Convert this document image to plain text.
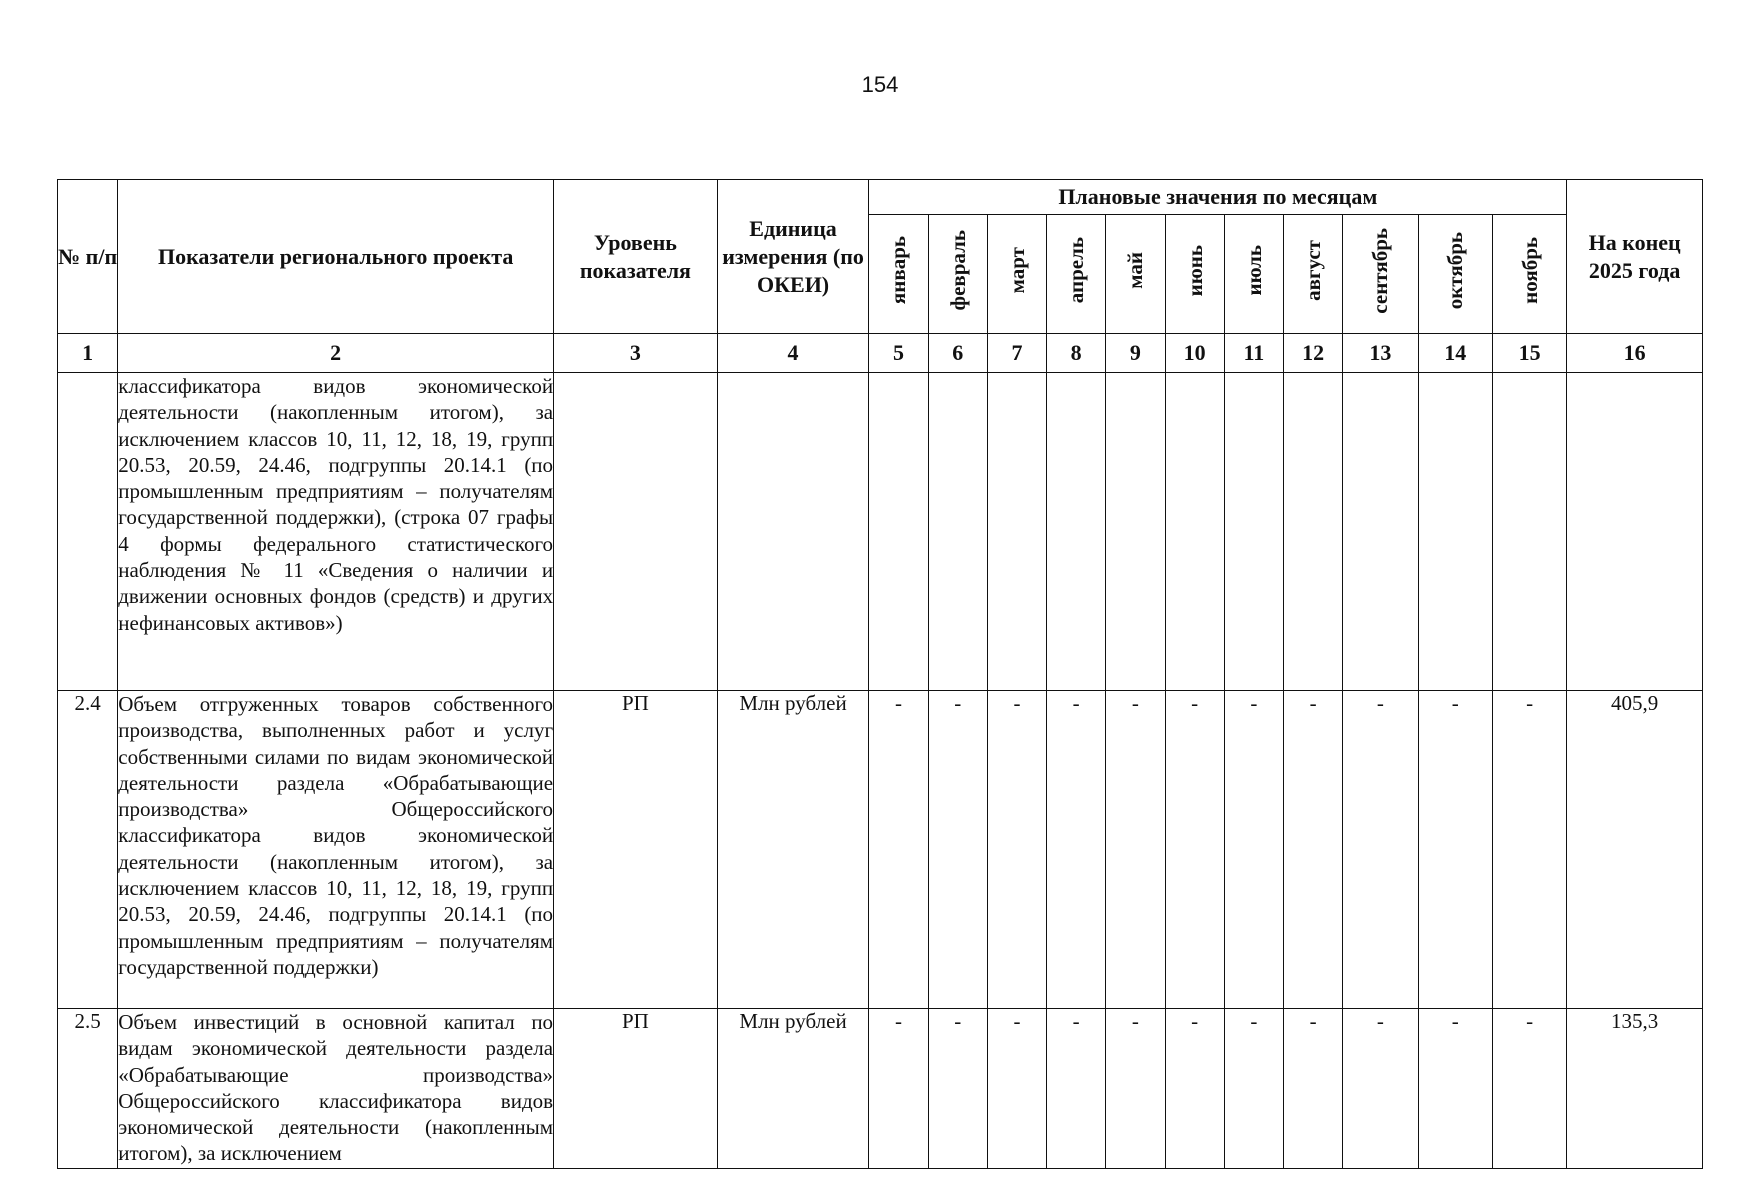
154
№ п/п	Показатели регионального проекта	Уровень показателя	Единица измерения (по ОКЕИ)	Плановые значения по месяцам											На конец 2025 года
				январь	февраль	март	апрель	май	июнь	июль	август	сентябрь	октябрь	ноябрь	
1	2	3	4	5	6	7	8	9	10	11	12	13	14	15	16
	классификатора видов экономической деятельности (накопленным итогом), за исключением классов 10, 11, 12, 18, 19, групп 20.53, 20.59, 24.46, подгруппы 20.14.1 (по промышленным предприятиям – получателям государственной поддержки), (строка 07 графы 4 формы федерального статистического наблюдения № 11 «Сведения о наличии и движении основных фондов (средств) и других нефинансовых активов»)														
2.4	Объем отгруженных товаров собственного производства, выполненных работ и услуг собственными силами по видам экономической деятельности раздела «Обрабатывающие производства» Общероссийского классификатора видов экономической деятельности (накопленным итогом), за исключением классов 10, 11, 12, 18, 19, групп 20.53, 20.59, 24.46, подгруппы 20.14.1 (по промышленным предприятиям – получателям государственной поддержки)	РП	Млн рублей	-	-	-	-	-	-	-	-	-	-	-	405,9
2.5	Объем инвестиций в основной капитал по видам экономической деятельности раздела «Обрабатывающие производства» Общероссийского классификатора видов экономической деятельности (накопленным итогом), за исключением	РП	Млн рублей	-	-	-	-	-	-	-	-	-	-	-	135,3
